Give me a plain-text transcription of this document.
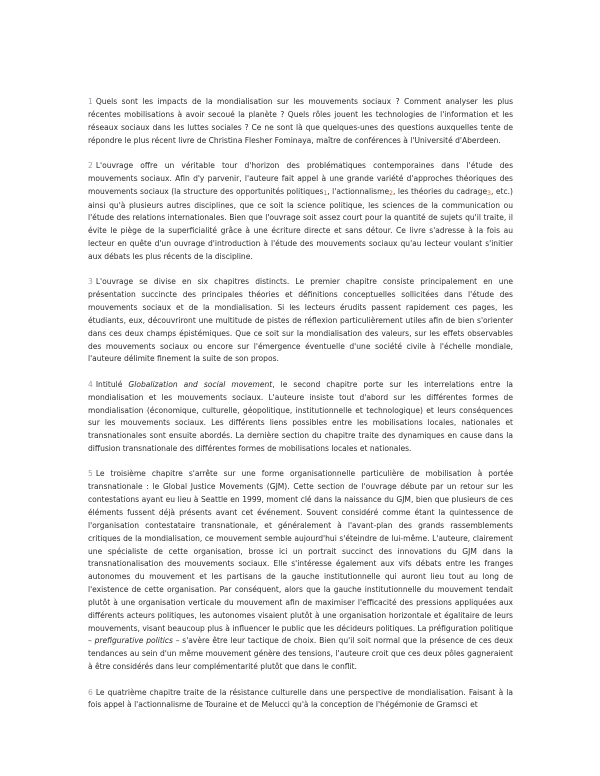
1 Quels sont les impacts de la mondialisation sur les mouvements sociaux ? Comment analyser les plus récentes mobilisations à avoir secoué la planète ? Quels rôles jouent les technologies de l'information et les réseaux sociaux dans les luttes sociales ? Ce ne sont là que quelques-unes des questions auxquelles tente de répondre le plus récent livre de Christina Flesher Fominaya, maître de conférences à l'Université d'Aberdeen.

2 L'ouvrage offre un véritable tour d'horizon des problématiques contemporaines dans l'étude des mouvements sociaux. Afin d'y parvenir, l'auteure fait appel à une grande variété d'approches théoriques des mouvements sociaux (la structure des opportunités politiques1, l'actionnalisme2, les théories du cadrage3, etc.) ainsi qu'à plusieurs autres disciplines, que ce soit la science politique, les sciences de la communication ou l'étude des relations internationales. Bien que l'ouvrage soit assez court pour la quantité de sujets qu'il traite, il évite le piège de la superficialité grâce à une écriture directe et sans détour. Ce livre s'adresse à la fois au lecteur en quête d'un ouvrage d'introduction à l'étude des mouvements sociaux qu'au lecteur voulant s'initier aux débats les plus récents de la discipline.

3 L'ouvrage se divise en six chapitres distincts. Le premier chapitre consiste principalement en une présentation succincte des principales théories et définitions conceptuelles sollicitées dans l'étude des mouvements sociaux et de la mondialisation. Si les lecteurs érudits passent rapidement ces pages, les étudiants, eux, découvriront une multitude de pistes de réflexion particulièrement utiles afin de bien s'orienter dans ces deux champs épistémiques. Que ce soit sur la mondialisation des valeurs, sur les effets observables des mouvements sociaux ou encore sur l'émergence éventuelle d'une société civile à l'échelle mondiale, l'auteure délimite finement la suite de son propos.

4 Intitulé Globalization and social movement, le second chapitre porte sur les interrelations entre la mondialisation et les mouvements sociaux. L'auteure insiste tout d'abord sur les différentes formes de mondialisation (économique, culturelle, géopolitique, institutionnelle et technologique) et leurs conséquences sur les mouvements sociaux. Les différents liens possibles entre les mobilisations locales, nationales et transnationales sont ensuite abordés. La dernière section du chapitre traite des dynamiques en cause dans la diffusion transnationale des différentes formes de mobilisations locales et nationales.

5 Le troisième chapitre s'arrête sur une forme organisationnelle particulière de mobilisation à portée transnationale : le Global Justice Movements (GJM). Cette section de l'ouvrage débute par un retour sur les contestations ayant eu lieu à Seattle en 1999, moment clé dans la naissance du GJM, bien que plusieurs de ces éléments fussent déjà présents avant cet événement. Souvent considéré comme étant la quintessence de l'organisation contestataire transnationale, et généralement à l'avant-plan des grands rassemblements critiques de la mondialisation, ce mouvement semble aujourd'hui s'éteindre de lui-même. L'auteure, clairement une spécialiste de cette organisation, brosse ici un portrait succinct des innovations du GJM dans la transnationalisation des mouvements sociaux. Elle s'intéresse également aux vifs débats entre les franges autonomes du mouvement et les partisans de la gauche institutionnelle qui auront lieu tout au long de l'existence de cette organisation. Par conséquent, alors que la gauche institutionnelle du mouvement tendait plutôt à une organisation verticale du mouvement afin de maximiser l'efficacité des pressions appliquées aux différents acteurs politiques, les autonomes visaient plutôt à une organisation horizontale et égalitaire de leurs mouvements, visant beaucoup plus à influencer le public que les décideurs politiques. La préfiguration politique – prefigurative politics – s'avère être leur tactique de choix. Bien qu'il soit normal que la présence de ces deux tendances au sein d'un même mouvement génère des tensions, l'auteure croit que ces deux pôles gagneraient à être considérés dans leur complémentarité plutôt que dans le conflit.

6 Le quatrième chapitre traite de la résistance culturelle dans une perspective de mondialisation. Faisant à la fois appel à l'actionnalisme de Touraine et de Melucci qu'à la conception de l'hégémonie de Gramsci et
